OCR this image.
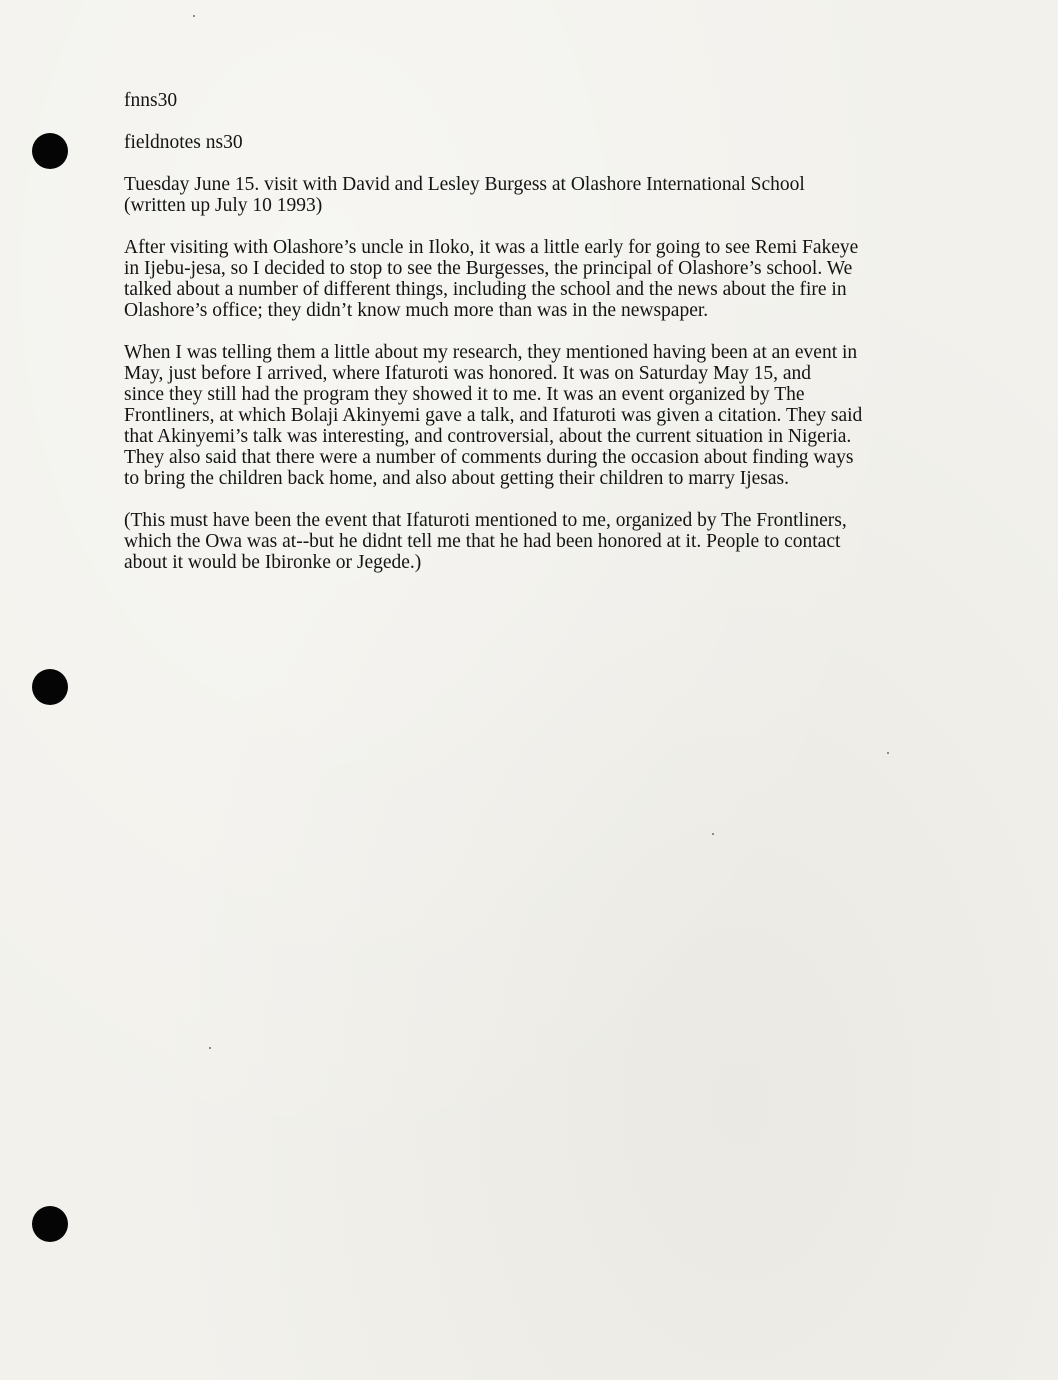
fnns30

fieldnotes ns30

Tuesday June 15. visit with David and Lesley Burgess at Olashore International School
(written up July 10 1993)

After visiting with Olashore’s uncle in Iloko, it was a little early for going to see Remi Fakeye
in Ijebu-jesa, so I decided to stop to see the Burgesses, the principal of Olashore’s school. We
talked about a number of different things, including the school and the news about the fire in
Olashore’s office; they didn’t know much more than was in the newspaper.

When I was telling them a little about my research, they mentioned having been at an event in
May, just before I arrived, where Ifaturoti was honored. It was on Saturday May 15, and
since they still had the program they showed it to me. It was an event organized by The
Frontliners, at which Bolaji Akinyemi gave a talk, and Ifaturoti was given a citation. They said
that Akinyemi’s talk was interesting, and controversial, about the current situation in Nigeria.
They also said that there were a number of comments during the occasion about finding ways
to bring the children back home, and also about getting their children to marry Ijesas.

(This must have been the event that Ifaturoti mentioned to me, organized by The Frontliners,
which the Owa was at--but he didnt tell me that he had been honored at it. People to contact
about it would be Ibironke or Jegede.)
